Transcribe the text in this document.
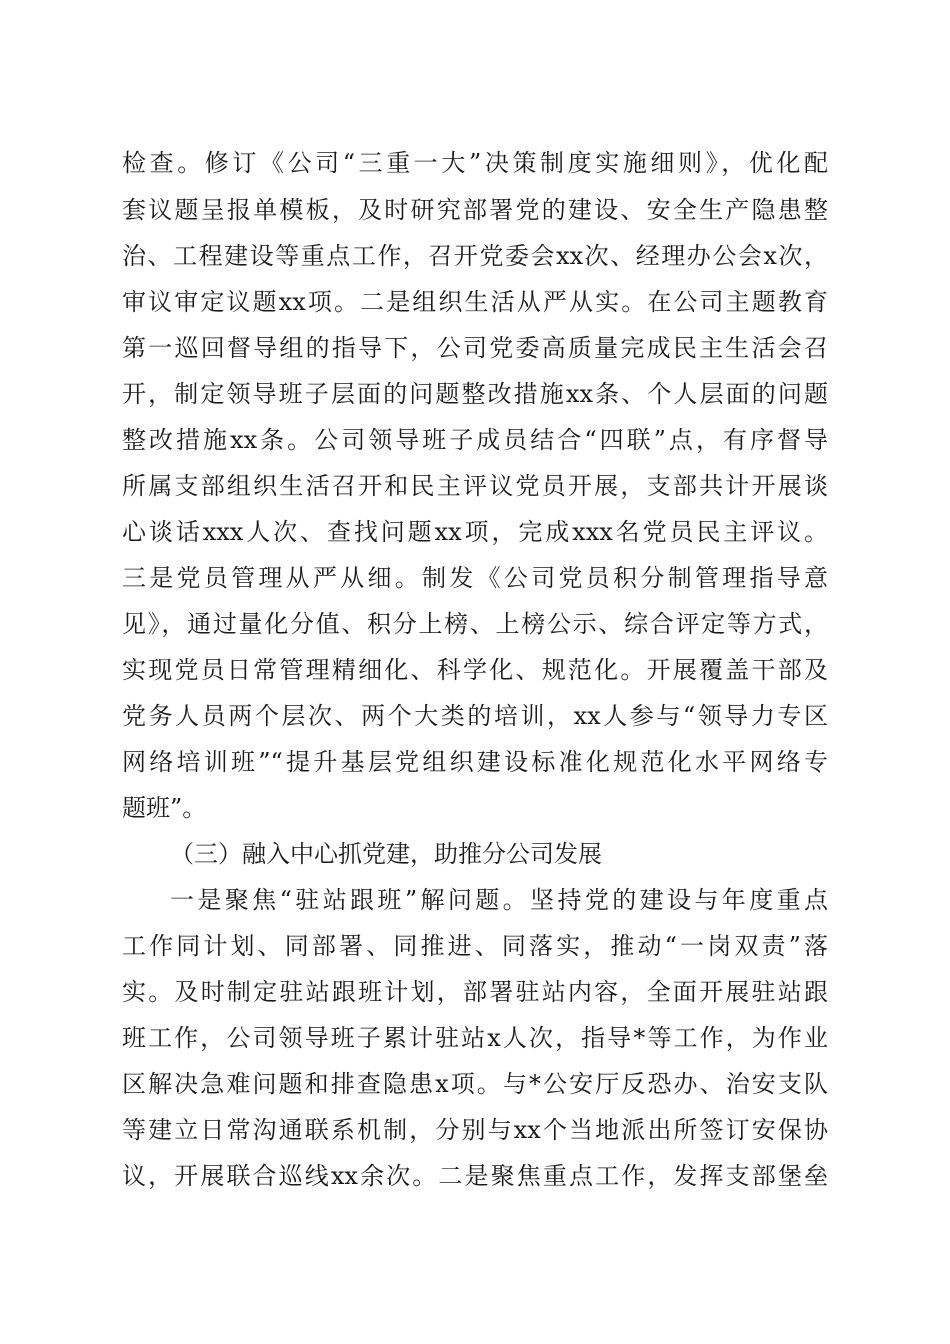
检查。修订《公司“三重一大”决策制度实施细则》，优化配
套议题呈报单模板，及时研究部署党的建设、安全生产隐患整
治、工程建设等重点工作，召开党委会xx次、经理办公会x次，
审议审定议题xx项。二是组织生活从严从实。在公司主题教育
第一巡回督导组的指导下，公司党委高质量完成民主生活会召
开，制定领导班子层面的问题整改措施xx条、个人层面的问题
整改措施xx条。公司领导班子成员结合“四联”点，有序督导
所属支部组织生活召开和民主评议党员开展，支部共计开展谈
心谈话xxx人次、查找问题xx项，完成xxx名党员民主评议。
三是党员管理从严从细。制发《公司党员积分制管理指导意
见》，通过量化分值、积分上榜、上榜公示、综合评定等方式，
实现党员日常管理精细化、科学化、规范化。开展覆盖干部及
党务人员两个层次、两个大类的培训，xx人参与“领导力专区
网络培训班”“提升基层党组织建设标准化规范化水平网络专
题班”。
（三）融入中心抓党建，助推分公司发展
一是聚焦“驻站跟班”解问题。坚持党的建设与年度重点
工作同计划、同部署、同推进、同落实，推动“一岗双责”落
实。及时制定驻站跟班计划，部署驻站内容，全面开展驻站跟
班工作，公司领导班子累计驻站x人次，指导*等工作，为作业
区解决急难问题和排查隐患x项。与*公安厅反恐办、治安支队
等建立日常沟通联系机制，分别与xx个当地派出所签订安保协
议，开展联合巡线xx余次。二是聚焦重点工作，发挥支部堡垒
